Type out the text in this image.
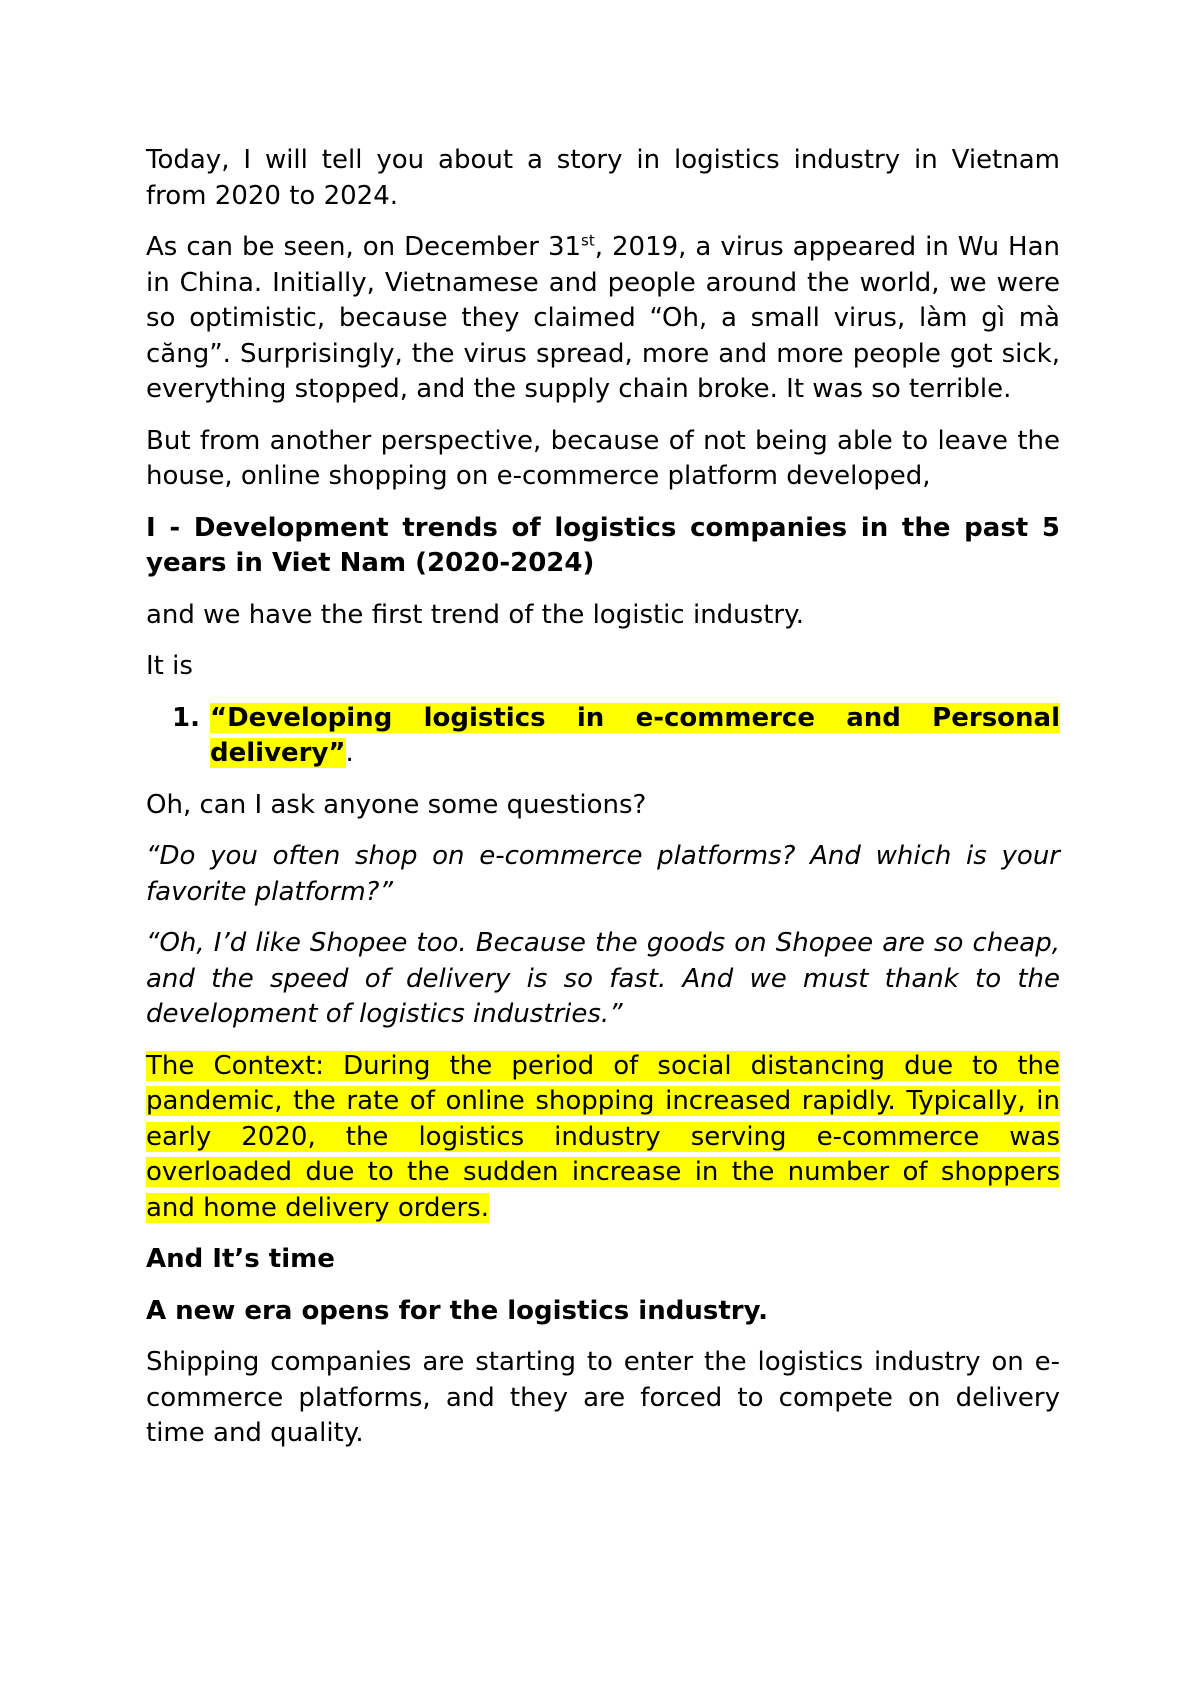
Today, I will tell you about a story in logistics industry in Vietnam from 2020 to 2024.

As can be seen, on December 31st, 2019, a virus appeared in Wu Han in China. Initially, Vietnamese and people around the world, we were so optimistic, because they claimed “Oh, a small virus, làm gì mà căng”. Surprisingly, the virus spread, more and more people got sick, everything stopped, and the supply chain broke. It was so terrible.

But from another perspective, because of not being able to leave the house, online shopping on e-commerce platform developed,

I - Development trends of logistics companies in the past 5 years in Viet Nam (2020-2024)

and we have the first trend of the logistic industry.

It is

1. “Developing logistics in e-commerce and Personal delivery”.

Oh, can I ask anyone some questions?

“Do you often shop on e-commerce platforms? And which is your favorite platform?”

“Oh, I’d like Shopee too. Because the goods on Shopee are so cheap, and the speed of delivery is so fast. And we must thank to the development of logistics industries.”

The Context: During the period of social distancing due to the pandemic, the rate of online shopping increased rapidly. Typically, in early 2020, the logistics industry serving e-commerce was overloaded due to the sudden increase in the number of shoppers and home delivery orders.

And It’s time

A new era opens for the logistics industry.

Shipping companies are starting to enter the logistics industry on e-commerce platforms, and they are forced to compete on delivery time and quality.
